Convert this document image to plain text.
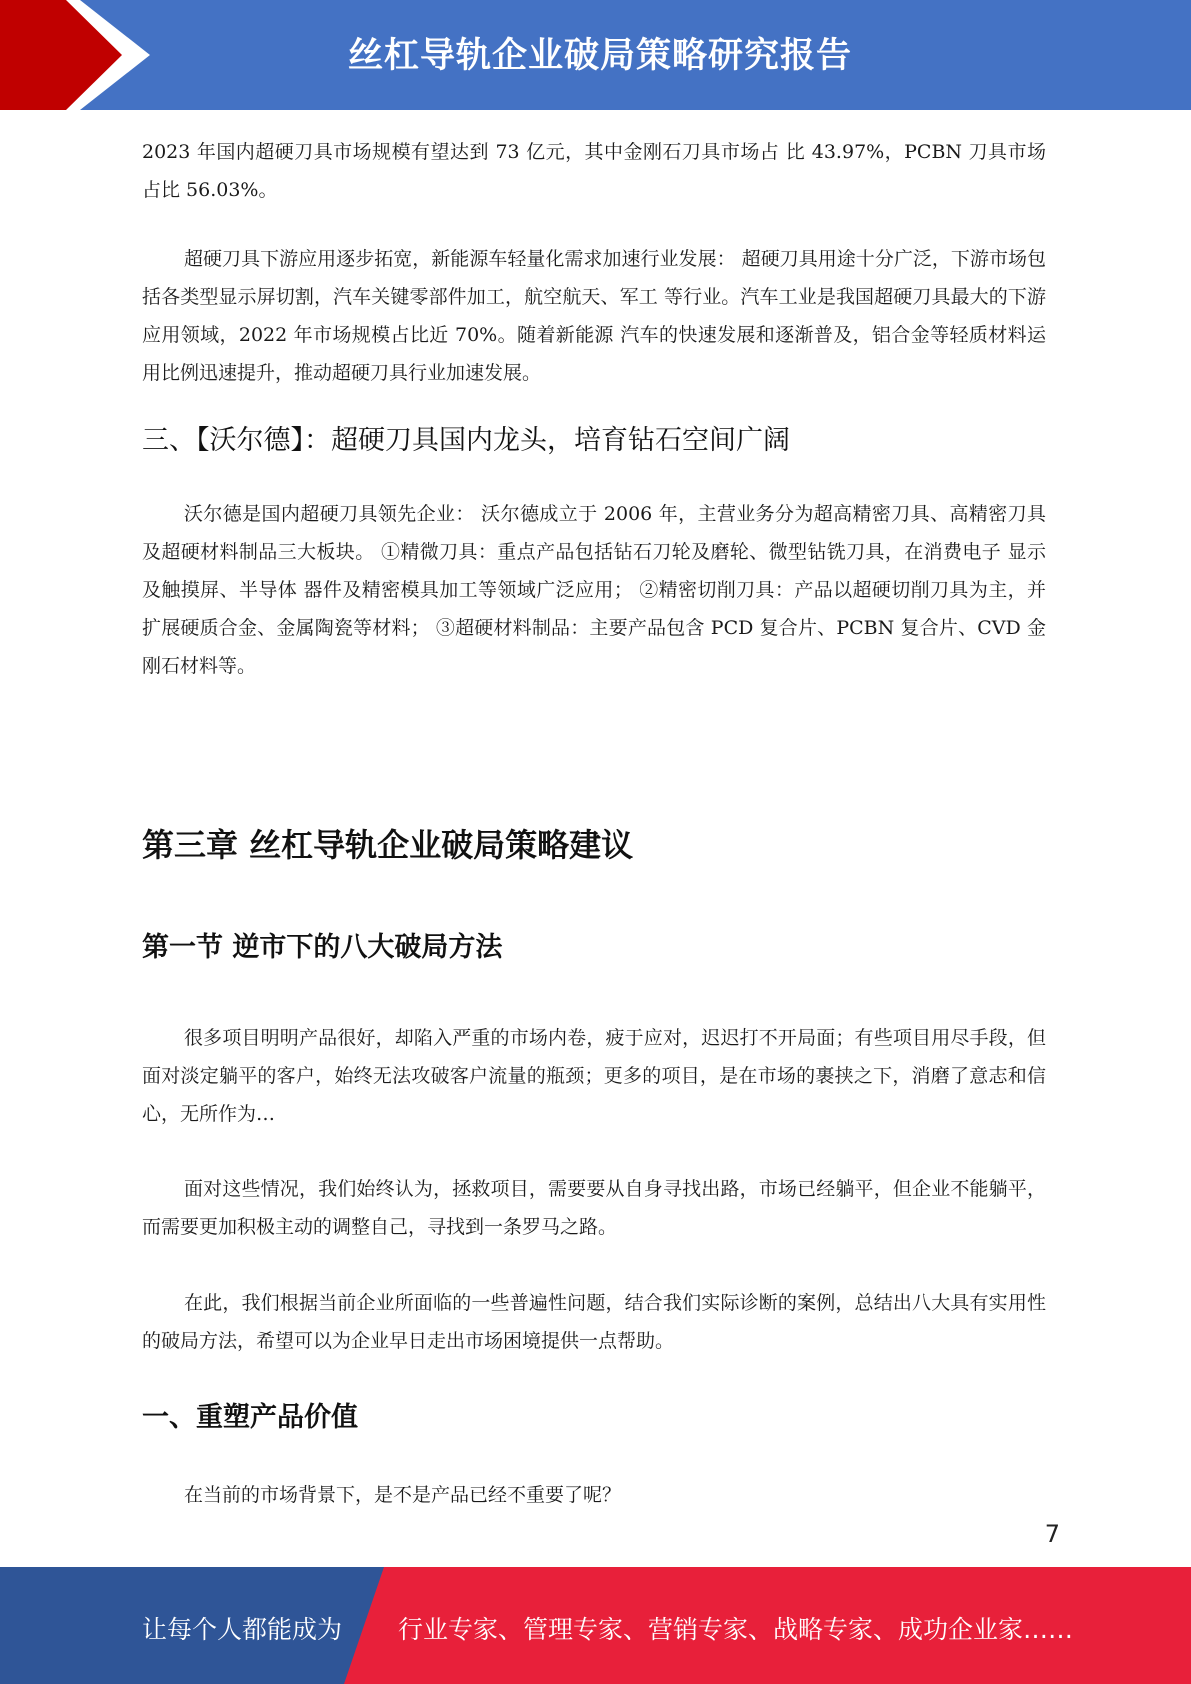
丝杠导轨企业破局策略研究报告

2023 年国内超硬刀具市场规模有望达到 73 亿元，其中金刚石刀具市场占 比 43.97%，PCBN 刀具市场占比 56.03%。

超硬刀具下游应用逐步拓宽，新能源车轻量化需求加速行业发展： 超硬刀具用途十分广泛，下游市场包括各类型显示屏切割，汽车关键零部件加工，航空航天、军工 等行业。汽车工业是我国超硬刀具最大的下游应用领域，2022 年市场规模占比近 70%。随着新能源 汽车的快速发展和逐渐普及，铝合金等轻质材料运用比例迅速提升，推动超硬刀具行业加速发展。

三、【沃尔德】：超硬刀具国内龙头，培育钻石空间广阔

沃尔德是国内超硬刀具领先企业： 沃尔德成立于 2006 年，主营业务分为超高精密刀具、高精密刀具及超硬材料制品三大板块。 ①精微刀具：重点产品包括钻石刀轮及磨轮、微型钻铣刀具，在消费电子 显示及触摸屏、半导体 器件及精密模具加工等领域广泛应用； ②精密切削刀具：产品以超硬切削刀具为主，并扩展硬质合金、金属陶瓷等材料； ③超硬材料制品：主要产品包含 PCD 复合片、PCBN 复合片、CVD 金刚石材料等。

第三章 丝杠导轨企业破局策略建议
第一节 逆市下的八大破局方法

很多项目明明产品很好，却陷入严重的市场内卷，疲于应对，迟迟打不开局面；有些项目用尽手段，但面对淡定躺平的客户，始终无法攻破客户流量的瓶颈；更多的项目，是在市场的裹挟之下，消磨了意志和信心，无所作为…

面对这些情况，我们始终认为，拯救项目，需要要从自身寻找出路，市场已经躺平，但企业不能躺平，而需要更加积极主动的调整自己，寻找到一条罗马之路。

在此，我们根据当前企业所面临的一些普遍性问题，结合我们实际诊断的案例，总结出八大具有实用性的破局方法，希望可以为企业早日走出市场困境提供一点帮助。

一、重塑产品价值

在当前的市场背景下，是不是产品已经不重要了呢？

7
让每个人都能成为 行业专家、管理专家、营销专家、战略专家、成功企业家……
